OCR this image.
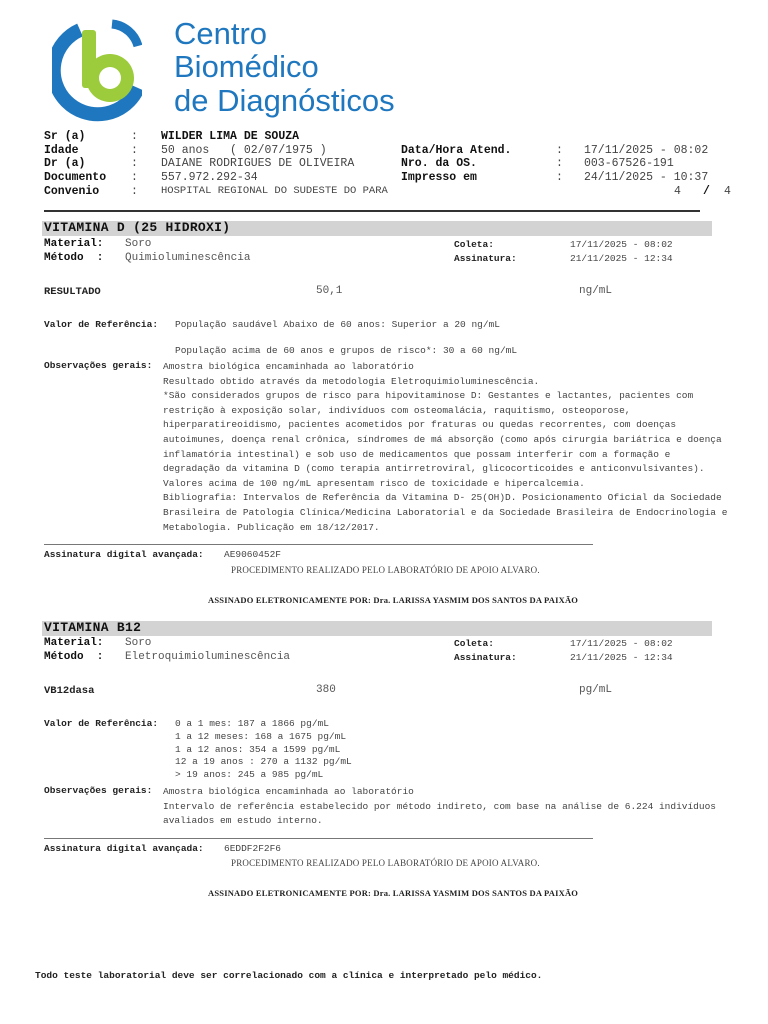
Centro
Biomédico
de Diagnósticos
Sr (a)	: WILDER LIMA DE SOUZA
Idade	: 50 anos   ( 02/07/1975 )
Dr (a)	: DAIANE RODRIGUES DE OLIVEIRA
Documento : 557.972.292-34
Convenio	: HOSPITAL REGIONAL DO SUDESTE DO PARA
Data/Hora Atend.	: 17/11/2025 - 08:02
Nro. da OS.	: 003-67526-191
Impresso em	: 24/11/2025 - 10:37
4 / 4
VITAMINA D (25 HIDROXI)
Material: Soro
Método  : Quimioluminescência
Coleta:	17/11/2025 - 08:02
Assinatura:	21/11/2025 - 12:34
RESULTADO	50,1	ng/mL
Valor de Referência: População saudável Abaixo de 60 anos: Superior a 20 ng/mL
População acima de 60 anos e grupos de risco*: 30 a 60 ng/mL
Observações gerais: Amostra biológica encaminhada ao laboratório
Resultado obtido através da metodologia Eletroquimioluminescência.
*São considerados grupos de risco para hipovitaminose D: Gestantes e lactantes, pacientes com
restrição à exposição solar, indivíduos com osteomalácia, raquitismo, osteoporose,
hiperparatireoidismo, pacientes acometidos por fraturas ou quedas recorrentes, com doenças
autoimunes, doença renal crônica, síndromes de má absorção (como após cirurgia bariátrica e doença
inflamatória intestinal) e sob uso de medicamentos que possam interferir com a formação e
degradação da vitamina D (como terapia antirretroviral, glicocorticoides e anticonvulsivantes).
Valores acima de 100 ng/mL apresentam risco de toxicidade e hipercalcemia.
Bibliografia: Intervalos de Referência da Vitamina D- 25(OH)D. Posicionamento Oficial da Sociedade
Brasileira de Patologia Clínica/Medicina Laboratorial e da Sociedade Brasileira de Endocrinologia e
Metabologia. Publicação em 18/12/2017.
Assinatura digital avançada: AE9060452F
PROCEDIMENTO REALIZADO PELO LABORATÓRIO DE APOIO ALVARO.
ASSINADO ELETRONICAMENTE POR: Dra. LARISSA YASMIM DOS SANTOS DA PAIXÃO
VITAMINA B12
Material: Soro
Método  : Eletroquimioluminescência
Coleta:	17/11/2025 - 08:02
Assinatura:	21/11/2025 - 12:34
VB12dasa	380	pg/mL
Valor de Referência: 0 a 1 mes: 187 a 1866 pg/mL
1 a 12 meses: 168 a 1675 pg/mL
1 a 12 anos: 354 a 1599 pg/mL
12 a 19 anos : 270 a 1132 pg/mL
> 19 anos: 245 a 985 pg/mL
Observações gerais: Amostra biológica encaminhada ao laboratório
Intervalo de referência estabelecido por método indireto, com base na análise de 6.224 indivíduos
avaliados em estudo interno.
Assinatura digital avançada: 6EDDF2F2F6
PROCEDIMENTO REALIZADO PELO LABORATÓRIO DE APOIO ALVARO.
ASSINADO ELETRONICAMENTE POR: Dra. LARISSA YASMIM DOS SANTOS DA PAIXÃO
Todo teste laboratorial deve ser correlacionado com a clínica e interpretado pelo médico.
